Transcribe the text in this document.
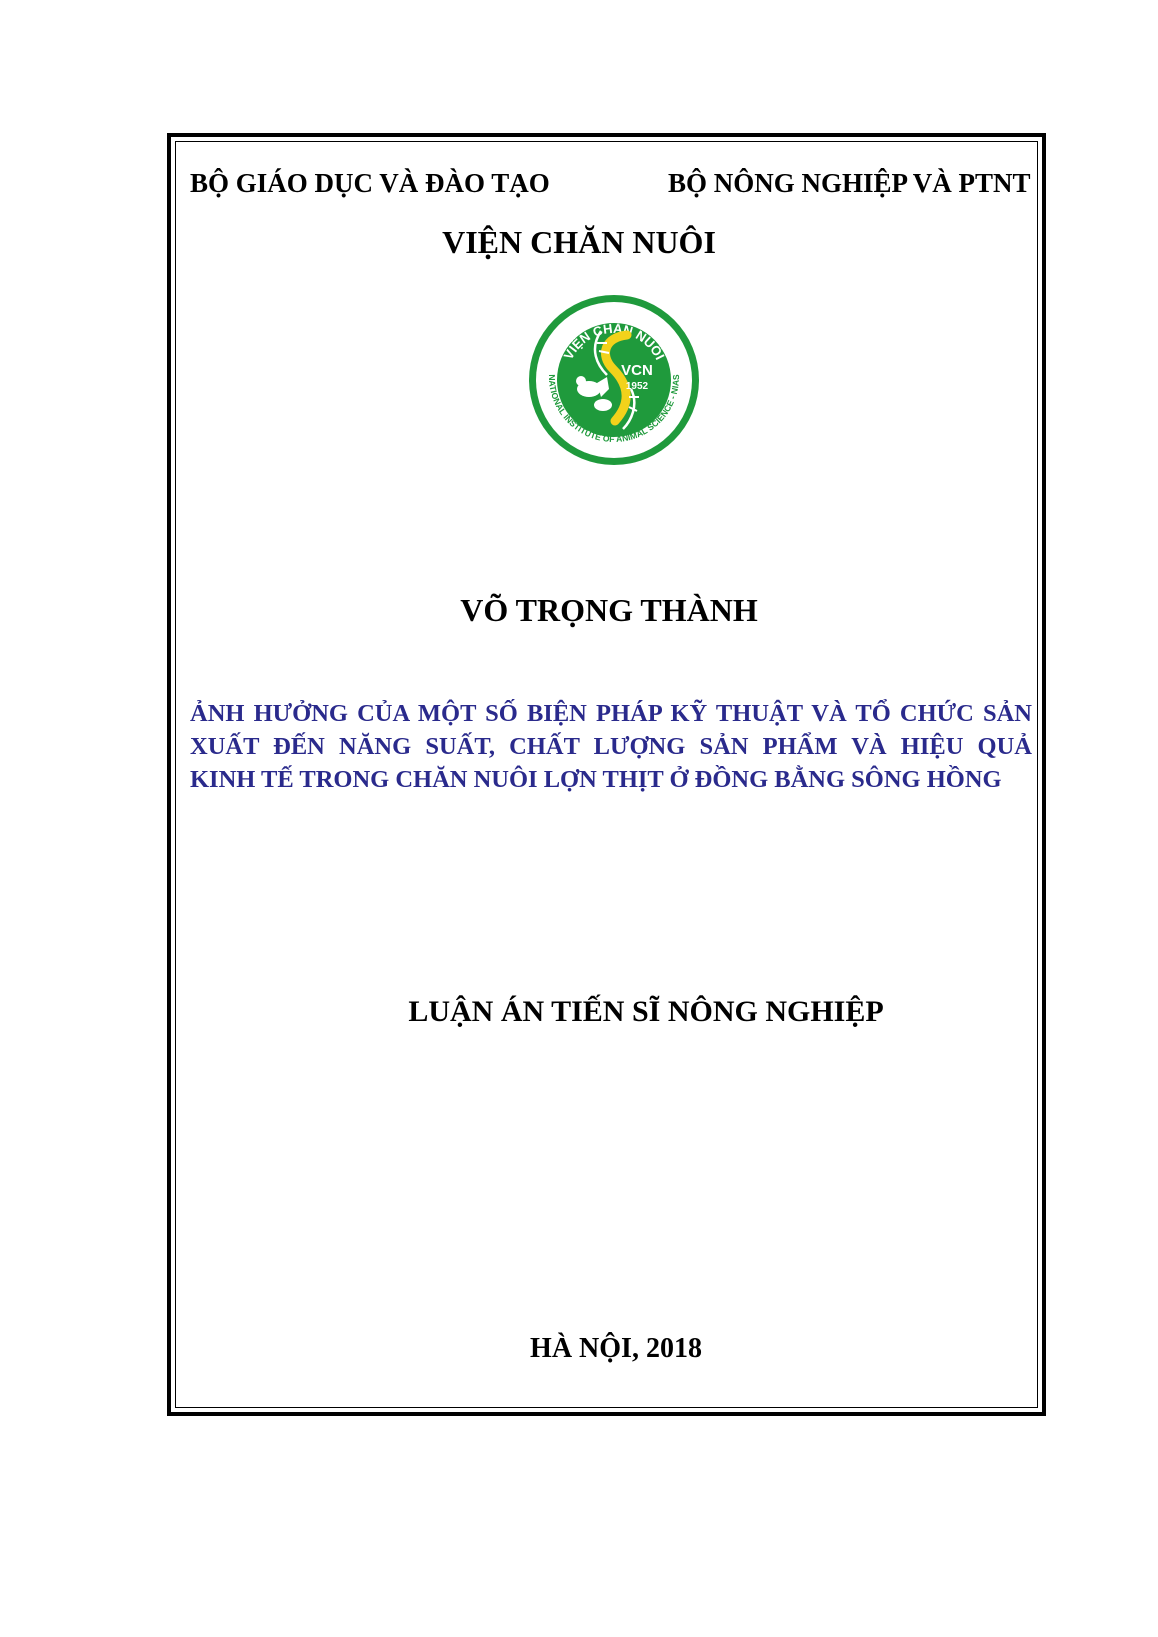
BỘ GIÁO DỤC VÀ ĐÀO TẠO	BỘ NÔNG NGHIỆP VÀ PTNT
VIỆN CHĂN NUÔI
VIỆN CHĂN NUÔI
NATIONAL INSTITUTE OF ANIMAL SCIENCE - NIAS
VCN
1952
VÕ TRỌNG THÀNH
ẢNH HƯỞNG CỦA MỘT SỐ BIỆN PHÁP KỸ THUẬT VÀ TỔ CHỨC SẢN
XUẤT ĐẾN NĂNG SUẤT, CHẤT LƯỢNG SẢN PHẨM VÀ HIỆU QUẢ
KINH TẾ TRONG CHĂN NUÔI LỢN THỊT Ở ĐỒNG BẰNG SÔNG HỒNG
LUẬN ÁN TIẾN SĨ NÔNG NGHIỆP
HÀ NỘI, 2018
